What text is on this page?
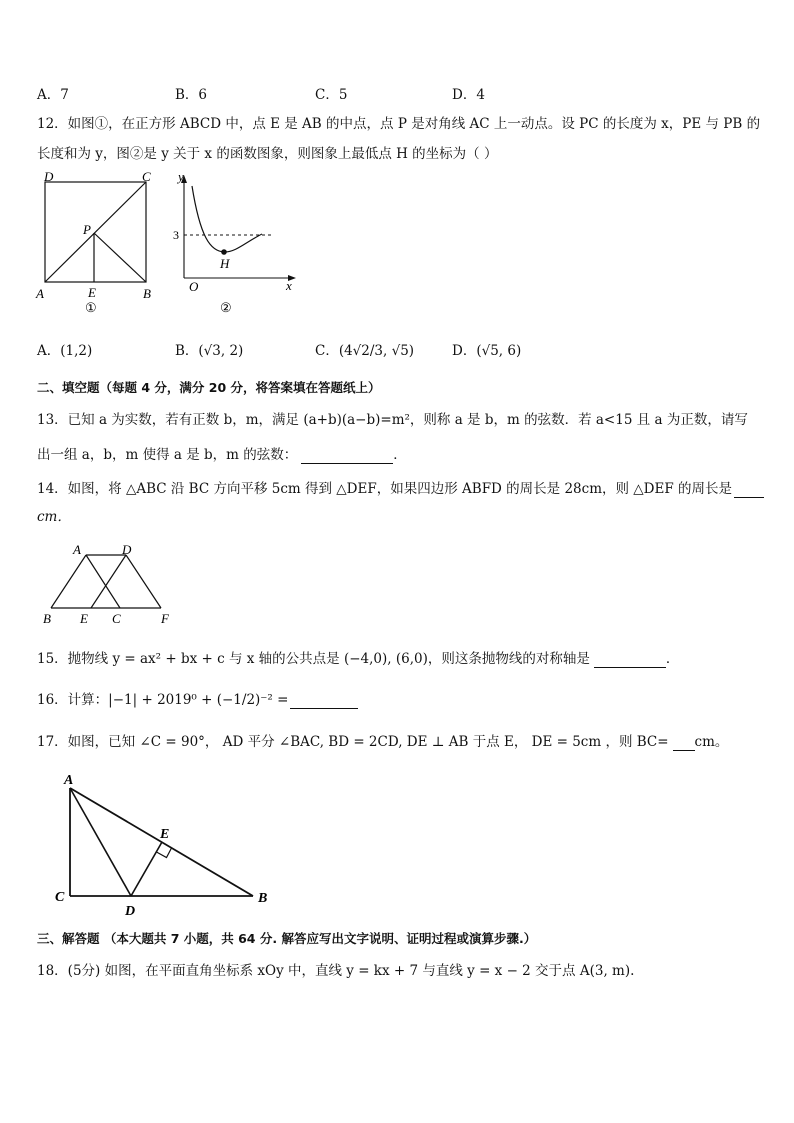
A．7	B．6	C．5	D．4
12．如图①，在正方形 ABCD 中，点 E 是 AB 的中点，点 P 是对角线 AC 上一动点。设 PC 的长度为 x，PE 与 PB 的
长度和为 y，图②是 y 关于 x 的函数图象，则图象上最低点 H 的坐标为（ ）
D	C
P
A	E	B
①
y
3
H
O	x
②
A．(1,2)	B．(√3, 2)	C．(4√2/3, √5)	D．(√5, 6)
二、填空题（每题 4 分，满分 20 分，将答案填在答题纸上）
13．已知 a 为实数，若有正数 b，m，满足 (a+b)(a−b)=m²，则称 a 是 b，m 的弦数．若 a<15 且 a 为正数，请写
出一组 a，b，m 使得 a 是 b，m 的弦数：	．
14．如图，将 △ABC 沿 BC 方向平移 5cm 得到 △DEF，如果四边形 ABFD 的周长是 28cm，则 △DEF 的周长是
cm．
A	D
B E C	F
15．抛物线 y = ax² + bx + c 与 x 轴的公共点是 (−4,0), (6,0)，则这条抛物线的对称轴是	．
16．计算：|−1| + 2019⁰ + (−1/2)⁻² =
17．如图，已知 ∠C = 90°， AD 平分 ∠BAC, BD = 2CD, DE ⊥ AB 于点 E， DE = 5cm ，则 BC= cm。
A
E
C
D
B
三、解答题 （本大题共 7 小题，共 64 分. 解答应写出文字说明、证明过程或演算步骤.）
18．(5分) 如图，在平面直角坐标系 xOy 中，直线 y = kx + 7 与直线 y = x − 2 交于点 A(3, m).
